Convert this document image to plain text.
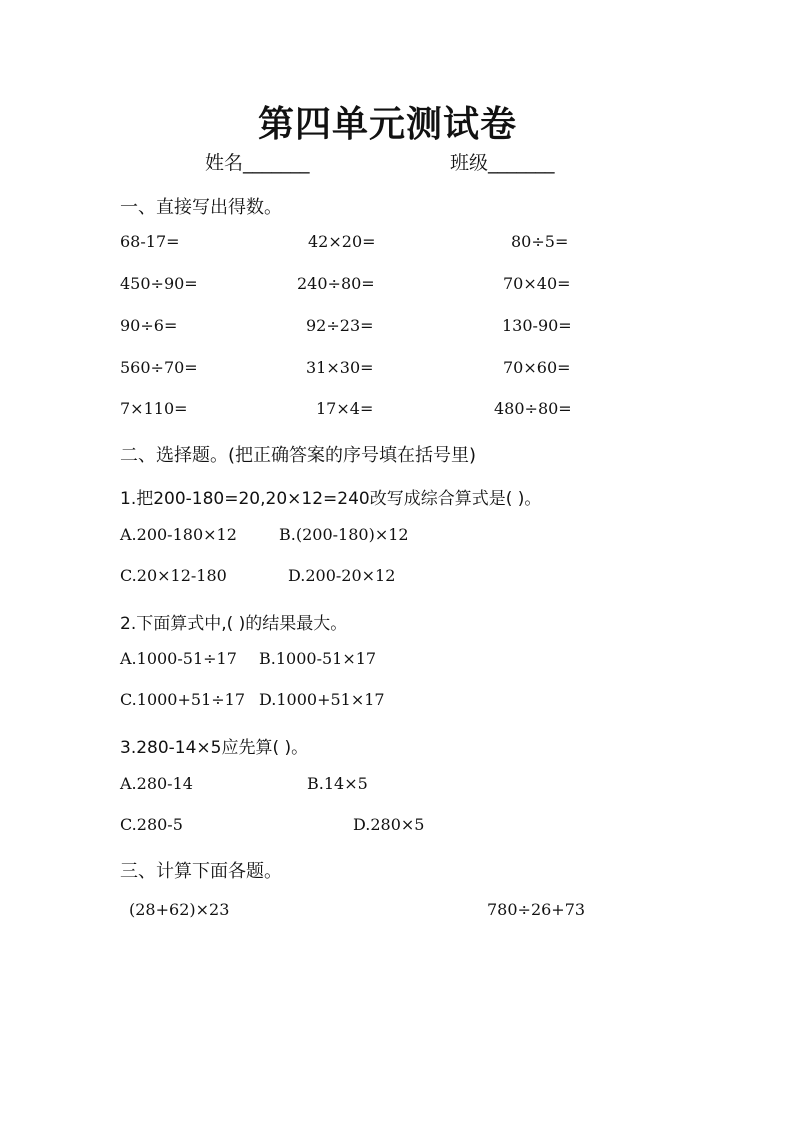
第四单元测试卷
姓名_______	班级_______
一、直接写出得数。
68-17=	42×20=	80÷5=
450÷90=	240÷80=	70×40=
90÷6=	92÷23=	130-90=
560÷70=	31×30=	70×60=
7×110=	17×4=	480÷80=
二、选择题。(把正确答案的序号填在括号里)
1.把200-180=20,20×12=240改写成综合算式是( )。
A.200-180×12	B.(200-180)×12
C.20×12-180	D.200-20×12
2.下面算式中,( )的结果最大。
A.1000-51÷17 B.1000-51×17
C.1000+51÷17 D.1000+51×17
3.280-14×5应先算( )。
A.280-14	B.14×5
C.280-5	D.280×5
三、计算下面各题。
(28+62)×23	780÷26+73
